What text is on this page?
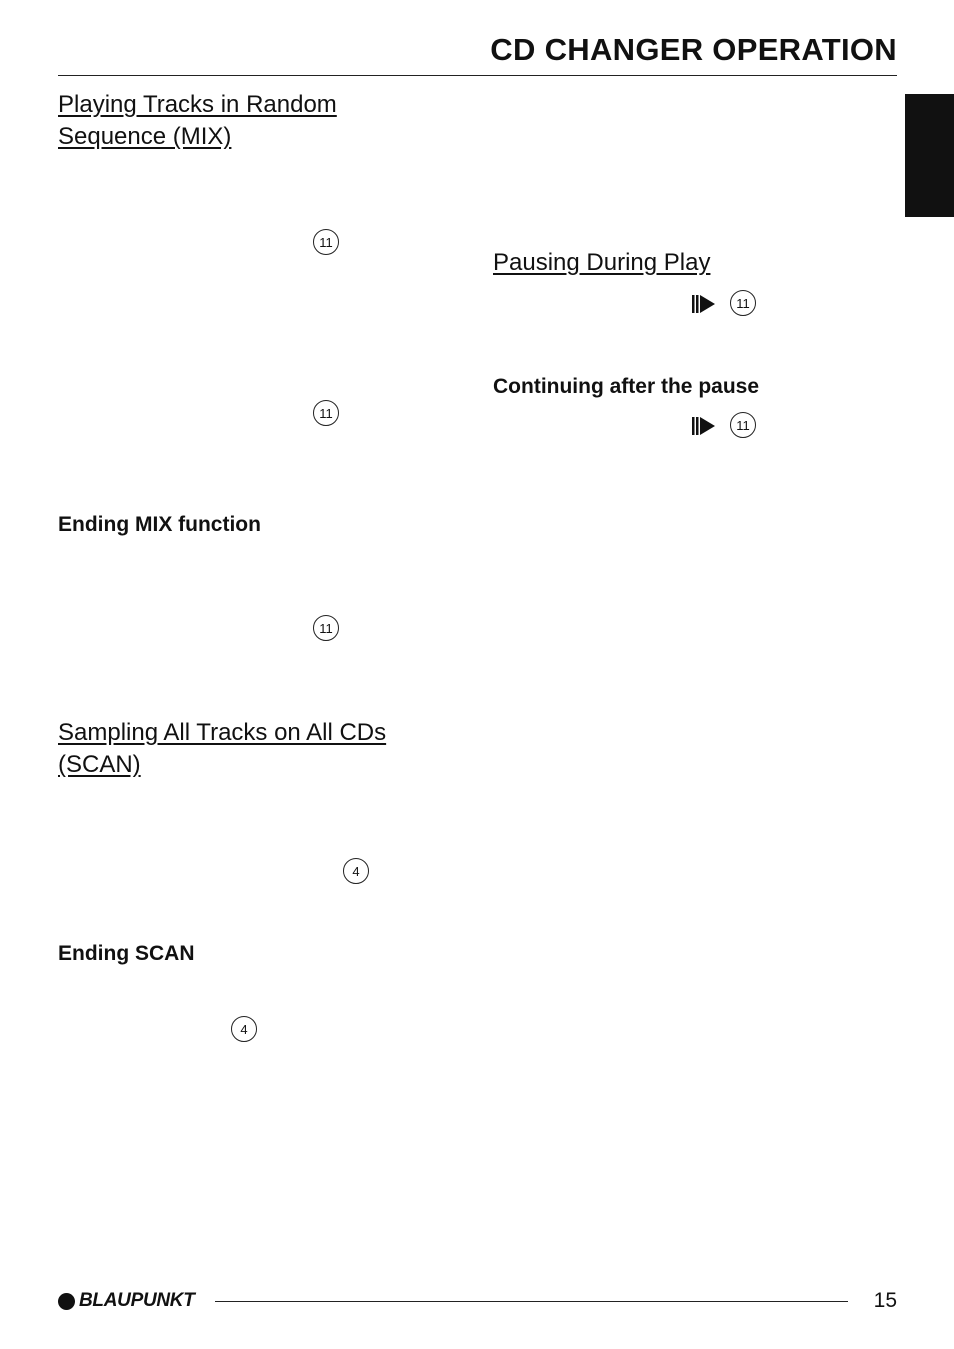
CD CHANGER OPERATION
Playing Tracks in Random
Sequence (MIX)
11
11
Ending MIX function
11
Sampling All Tracks on All CDs
(SCAN)
4
Ending SCAN
4
Pausing During Play
11
Continuing after the pause
11
BLAUPUNKT	15
